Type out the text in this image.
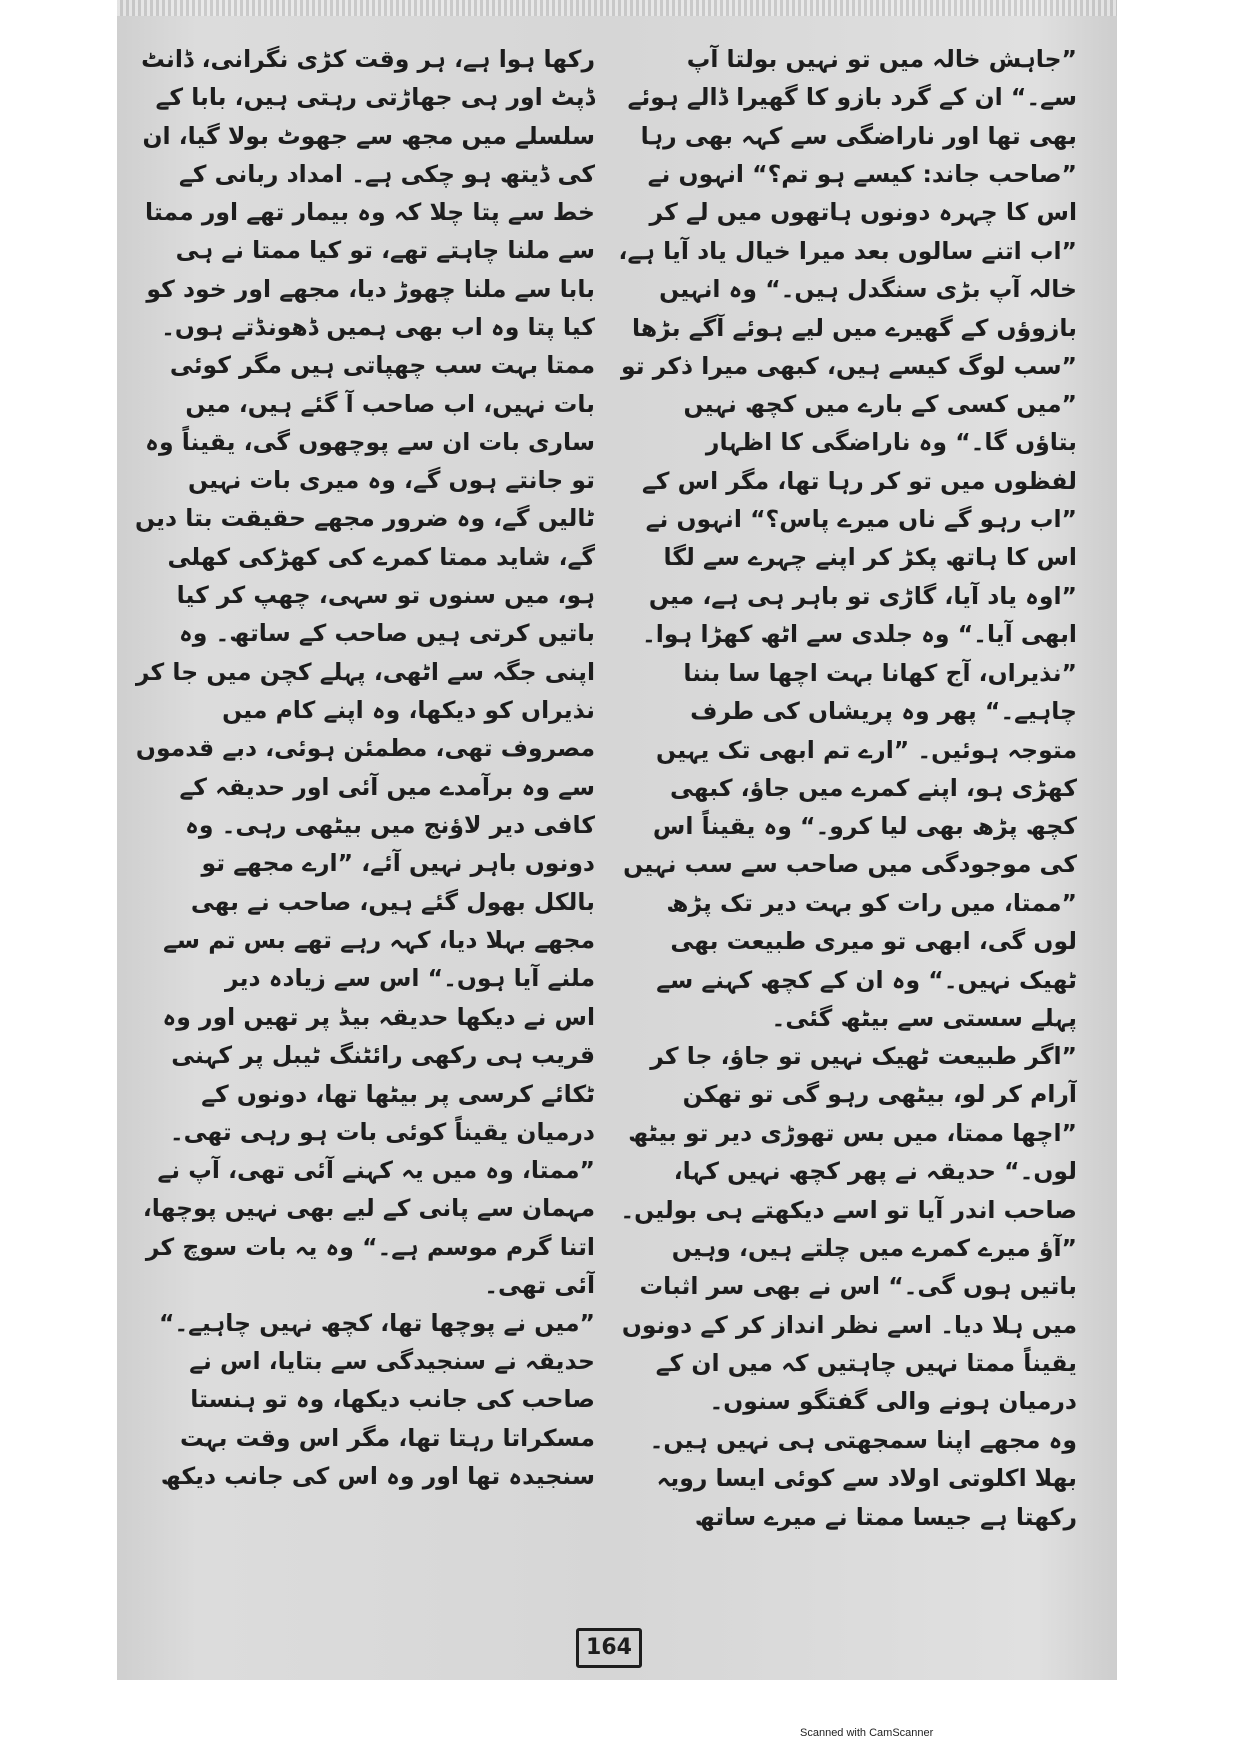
”جاہش خالہ میں تو نہیں بولتا آپ سے۔“ ان کے گرد بازو کا گھیرا ڈالے ہوئے بھی تھا اور ناراضگی سے کہہ بھی رہا

”صاحب جاند: کیسے ہو تم؟“ انہوں نے اس کا چہرہ دونوں ہاتھوں میں لے کر

”اب اتنے سالوں بعد میرا خیال یاد آیا ہے، خالہ آپ بڑی سنگدل ہیں۔“ وہ انہیں بازوؤں کے گھیرے میں لیے ہوئے آگے بڑھا

”سب لوگ کیسے ہیں، کبھی میرا ذکر تو

”میں کسی کے بارے میں کچھ نہیں بتاؤں گا۔“ وہ ناراضگی کا اظہار لفظوں میں تو کر رہا تھا، مگر اس کے

”اب رہو گے ناں میرے پاس؟“ انہوں نے اس کا ہاتھ پکڑ کر اپنے چہرے سے لگا

”اوہ یاد آیا، گاڑی تو باہر ہی ہے، میں ابھی آیا۔“ وہ جلدی سے اٹھ کھڑا ہوا۔

”نذیراں، آج کھانا بہت اچھا سا بننا چاہیے۔“ پھر وہ پریشاں کی طرف متوجہ ہوئیں۔ ”ارے تم ابھی تک یہیں کھڑی ہو، اپنے کمرے میں جاؤ، کبھی کچھ پڑھ بھی لیا کرو۔“ وہ یقیناً اس کی موجودگی میں صاحب سے سب نہیں

”ممتا، میں رات کو بہت دیر تک پڑھ لوں گی، ابھی تو میری طبیعت بھی ٹھیک نہیں۔“ وہ ان کے کچھ کہنے سے پہلے سستی سے بیٹھ گئی۔

”اگر طبیعت ٹھیک نہیں تو جاؤ، جا کر آرام کر لو، بیٹھی رہو گی تو تھکن

”اچھا ممتا، میں بس تھوڑی دیر تو بیٹھ لوں۔“ حدیقہ نے پھر کچھ نہیں کہا، صاحب اندر آیا تو اسے دیکھتے ہی بولیں۔

”آؤ میرے کمرے میں چلتے ہیں، وہیں باتیں ہوں گی۔“ اس نے بھی سر اثبات میں ہلا دیا۔ اسے نظر انداز کر کے دونوں

یقیناً ممتا نہیں چاہتیں کہ میں ان کے درمیان ہونے والی گفتگو سنوں۔

وہ مجھے اپنا سمجھتی ہی نہیں ہیں۔ بھلا اکلوتی اولاد سے کوئی ایسا رویہ رکھتا ہے جیسا ممتا نے میرے ساتھ

رکھا ہوا ہے، ہر وقت کڑی نگرانی، ڈانٹ ڈپٹ اور ہی جھاڑتی رہتی ہیں، بابا کے سلسلے میں مجھ سے جھوٹ بولا گیا، ان کی ڈیتھ ہو چکی ہے۔ امداد ربانی کے خط سے پتا چلا کہ وہ بیمار تھے اور ممتا سے ملنا چاہتے تھے، تو کیا ممتا نے ہی بابا سے ملنا چھوڑ دیا، مجھے اور خود کو

کیا پتا وہ اب بھی ہمیں ڈھونڈتے ہوں۔ ممتا بہت سب چھپاتی ہیں مگر کوئی بات نہیں، اب صاحب آ گئے ہیں، میں ساری بات ان سے پوچھوں گی، یقیناً وہ تو جانتے ہوں گے، وہ میری بات نہیں ٹالیں گے، وہ ضرور مجھے حقیقت بتا دیں گے، شاید ممتا کمرے کی کھڑکی کھلی ہو، میں سنوں تو سہی، چھپ کر کیا باتیں کرتی ہیں صاحب کے ساتھ۔ وہ اپنی جگہ سے اٹھی، پہلے کچن میں جا کر نذیراں کو دیکھا، وہ اپنے کام میں مصروف تھی، مطمئن ہوئی، دبے قدموں سے وہ برآمدے میں آئی اور حدیقہ کے

کافی دیر لاؤنج میں بیٹھی رہی۔ وہ دونوں باہر نہیں آئے، ”ارے مجھے تو بالکل بھول گئے ہیں، صاحب نے بھی مجھے بہلا دیا، کہہ رہے تھے بس تم سے ملنے آیا ہوں۔“ اس سے زیادہ دیر

اس نے دیکھا حدیقہ بیڈ پر تھیں اور وہ قریب ہی رکھی رائٹنگ ٹیبل پر کہنی ٹکائے کرسی پر بیٹھا تھا، دونوں کے درمیان یقیناً کوئی بات ہو رہی تھی۔

”ممتا، وہ میں یہ کہنے آئی تھی، آپ نے مہمان سے پانی کے لیے بھی نہیں پوچھا، اتنا گرم موسم ہے۔“ وہ یہ بات سوچ کر آئی تھی۔

”میں نے پوچھا تھا، کچھ نہیں چاہیے۔“

حدیقہ نے سنجیدگی سے بتایا، اس نے صاحب کی جانب دیکھا، وہ تو ہنستا مسکراتا رہتا تھا، مگر اس وقت بہت سنجیدہ تھا اور وہ اس کی جانب دیکھ

164
Scanned with CamScanner
